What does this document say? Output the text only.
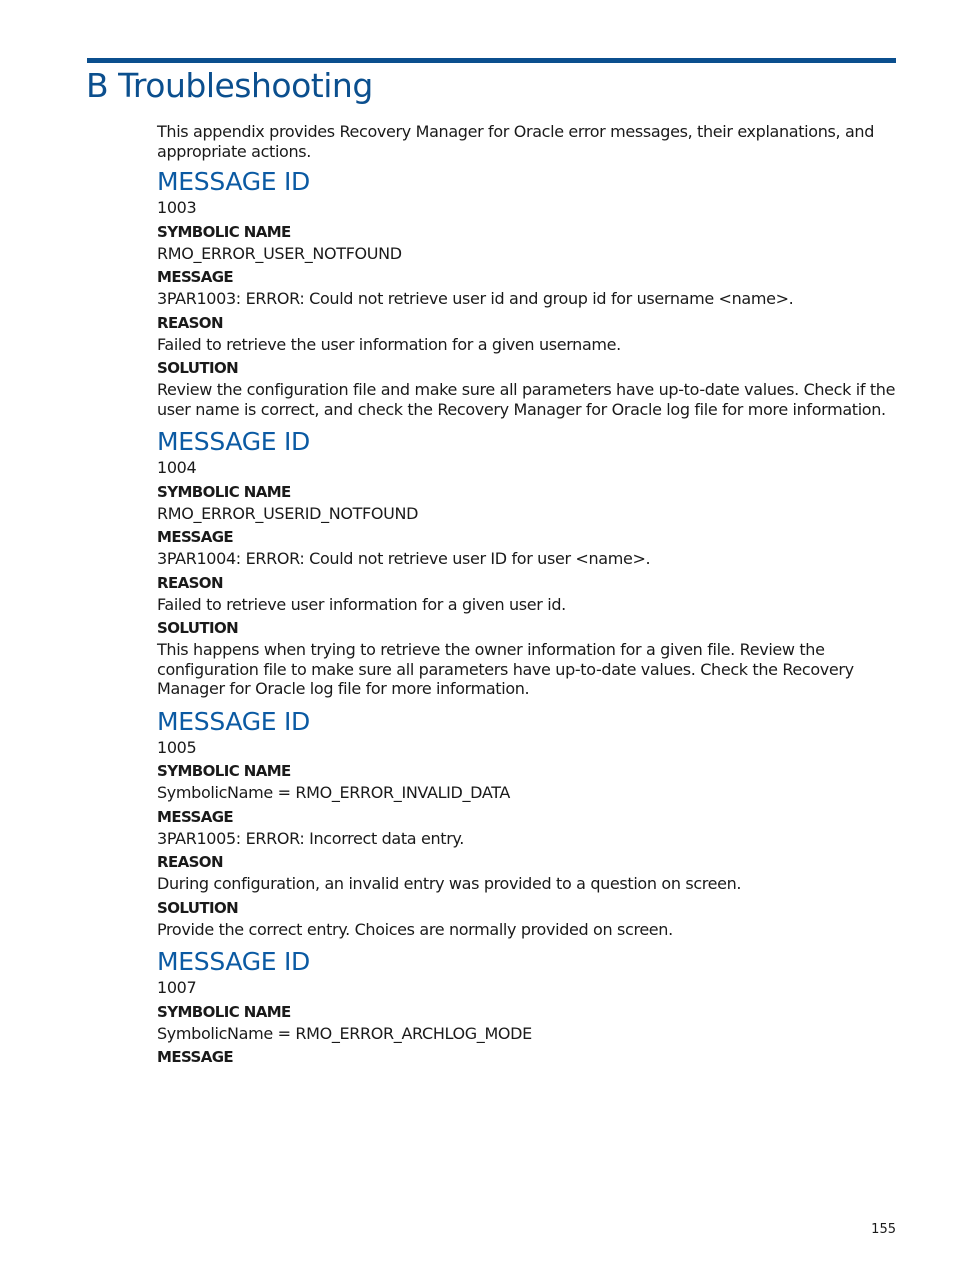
B Troubleshooting

This appendix provides Recovery Manager for Oracle error messages, their explanations, and appropriate actions.

MESSAGE ID
1003
SYMBOLIC NAME
RMO_ERROR_USER_NOTFOUND
MESSAGE
3PAR1003: ERROR: Could not retrieve user id and group id for username <name>.
REASON
Failed to retrieve the user information for a given username.
SOLUTION
Review the configuration file and make sure all parameters have up-to-date values. Check if the user name is correct, and check the Recovery Manager for Oracle log file for more information.
MESSAGE ID
1004
SYMBOLIC NAME
RMO_ERROR_USERID_NOTFOUND
MESSAGE
3PAR1004: ERROR: Could not retrieve user ID for user <name>.
REASON
Failed to retrieve user information for a given user id.
SOLUTION
This happens when trying to retrieve the owner information for a given file. Review the configuration file to make sure all parameters have up-to-date values. Check the Recovery Manager for Oracle log file for more information.
MESSAGE ID
1005
SYMBOLIC NAME
SymbolicName = RMO_ERROR_INVALID_DATA
MESSAGE
3PAR1005: ERROR: Incorrect data entry.
REASON
During configuration, an invalid entry was provided to a question on screen.
SOLUTION
Provide the correct entry. Choices are normally provided on screen.
MESSAGE ID
1007
SYMBOLIC NAME
SymbolicName = RMO_ERROR_ARCHLOG_MODE
MESSAGE
155
